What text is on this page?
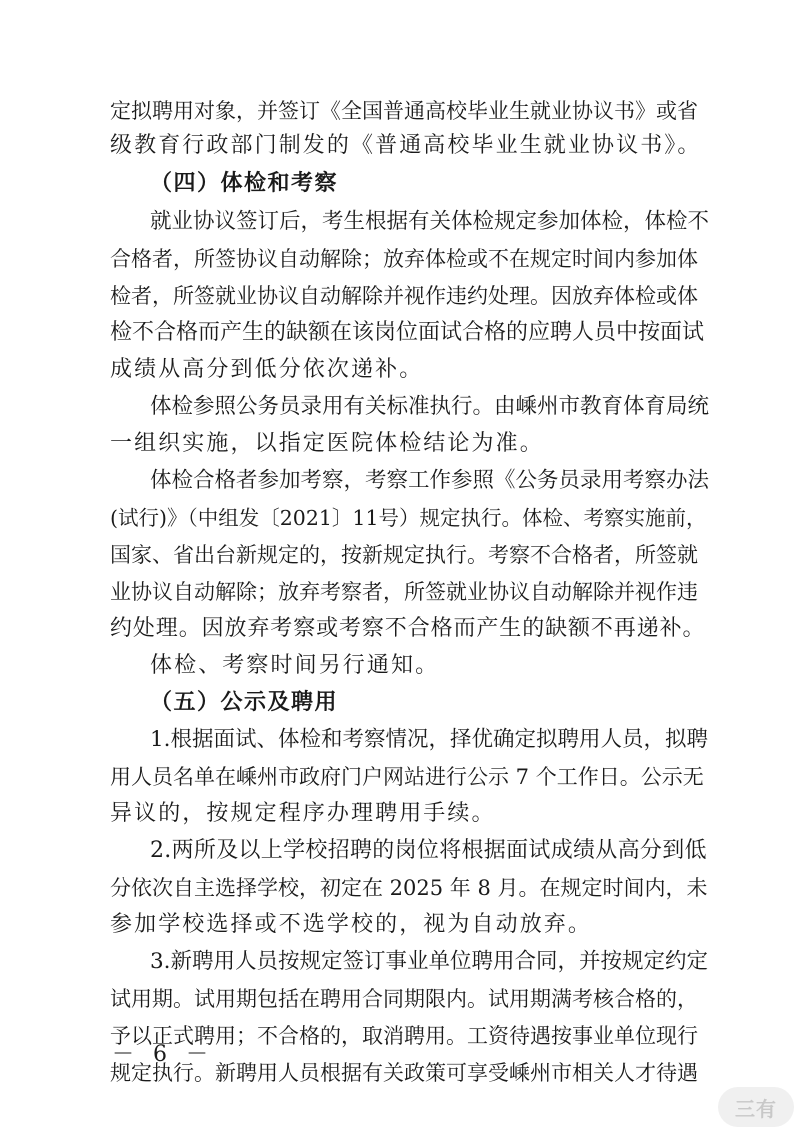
定拟聘用对象，并签订《全国普通高校毕业生就业协议书》或省
级教育行政部门制发的《普通高校毕业生就业协议书》。
（四）体检和考察
就业协议签订后，考生根据有关体检规定参加体检，体检不
合格者，所签协议自动解除；放弃体检或不在规定时间内参加体
检者，所签就业协议自动解除并视作违约处理。因放弃体检或体
检不合格而产生的缺额在该岗位面试合格的应聘人员中按面试
成绩从高分到低分依次递补。
体检参照公务员录用有关标准执行。由嵊州市教育体育局统
一组织实施，以指定医院体检结论为准。
体检合格者参加考察，考察工作参照《公务员录用考察办法
(试行)》（中组发〔2021〕11号）规定执行。体检、考察实施前，
国家、省出台新规定的，按新规定执行。考察不合格者，所签就
业协议自动解除；放弃考察者，所签就业协议自动解除并视作违
约处理。因放弃考察或考察不合格而产生的缺额不再递补。
体检、考察时间另行通知。
（五）公示及聘用
1.根据面试、体检和考察情况，择优确定拟聘用人员，拟聘
用人员名单在嵊州市政府门户网站进行公示 7 个工作日。公示无
异议的，按规定程序办理聘用手续。
2.两所及以上学校招聘的岗位将根据面试成绩从高分到低
分依次自主选择学校，初定在 2025 年 8 月。在规定时间内，未
参加学校选择或不选学校的，视为自动放弃。
3.新聘用人员按规定签订事业单位聘用合同，并按规定约定
试用期。试用期包括在聘用合同期限内。试用期满考核合格的，
予以正式聘用；不合格的，取消聘用。工资待遇按事业单位现行
规定执行。新聘用人员根据有关政策可享受嵊州市相关人才待遇
－ 6 －
三有
